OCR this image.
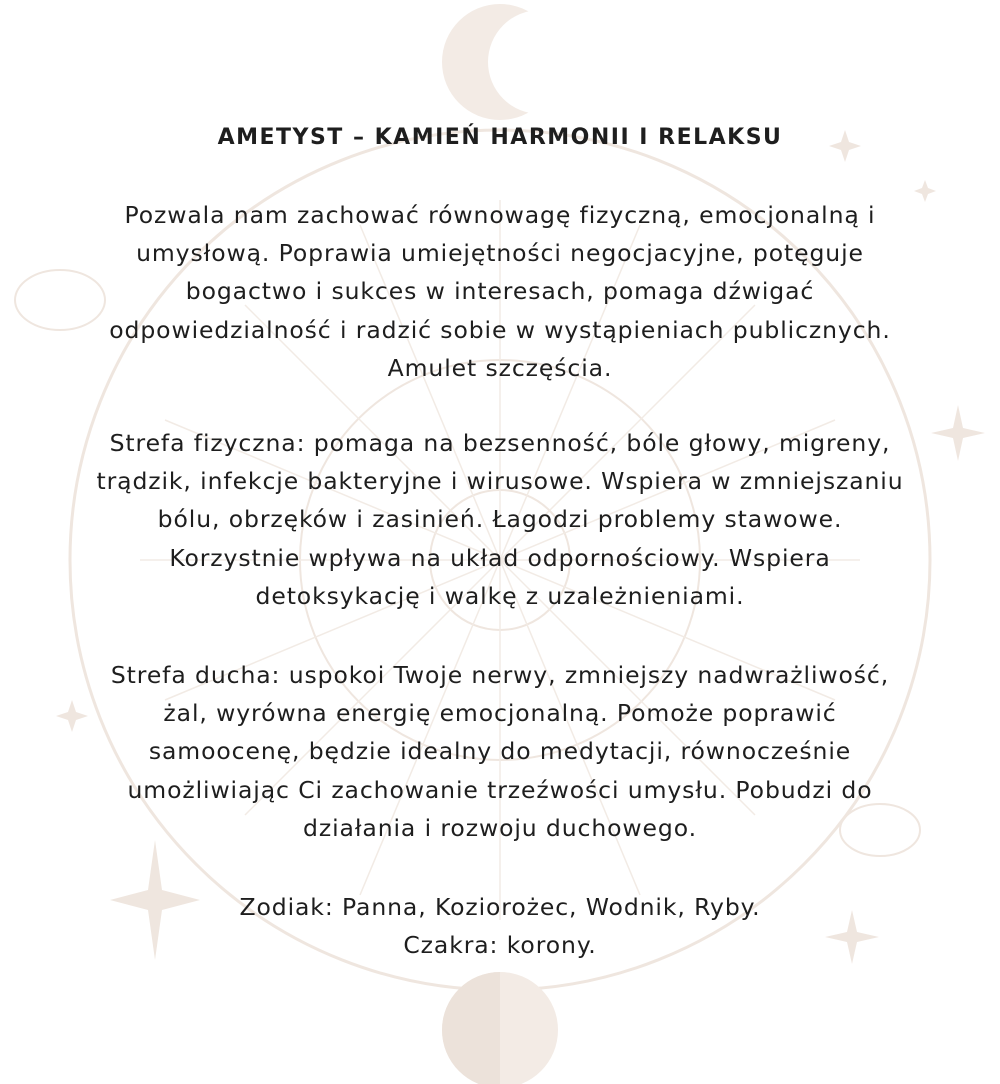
AMETYST – KAMIEŃ HARMONII I RELAKSU

Pozwala nam zachować równowagę fizyczną, emocjonalną i
umysłową. Poprawia umiejętności negocjacyjne, potęguje
bogactwo i sukces w interesach, pomaga dźwigać
odpowiedzialność i radzić sobie w wystąpieniach publicznych.
Amulet szczęścia.

Strefa fizyczna: pomaga na bezsenność, bóle głowy, migreny,
trądzik, infekcje bakteryjne i wirusowe. Wspiera w zmniejszaniu
bólu, obrzęków i zasinień. Łagodzi problemy stawowe.
Korzystnie wpływa na układ odpornościowy. Wspiera
detoksykację i walkę z uzależnieniami.

Strefa ducha: uspokoi Twoje nerwy, zmniejszy nadwrażliwość,
żal, wyrówna energię emocjonalną. Pomoże poprawić
samoocenę, będzie idealny do medytacji, równocześnie
umożliwiając Ci zachowanie trzeźwości umysłu. Pobudzi do
działania i rozwoju duchowego.

Zodiak: Panna, Koziorożec, Wodnik, Ryby.
Czakra: korony.
